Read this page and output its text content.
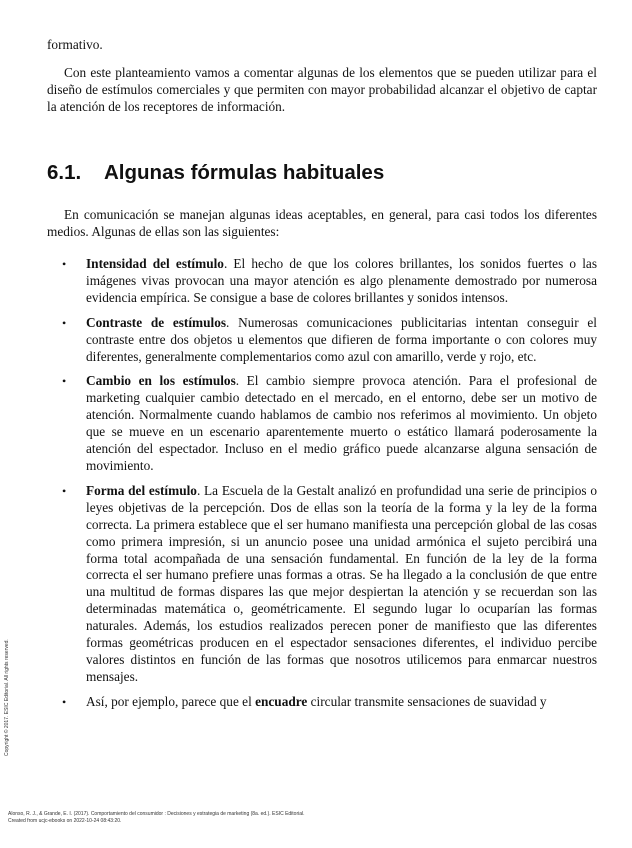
formativo.

Con este planteamiento vamos a comentar algunas de los elementos que se pueden utilizar para el diseño de estímulos comerciales y que permiten con mayor probabilidad alcanzar el objetivo de captar la atención de los receptores de información.

6.1. Algunas fórmulas habituales

En comunicación se manejan algunas ideas aceptables, en general, para casi todos los diferentes medios. Algunas de ellas son las siguientes:

• Intensidad del estímulo. El hecho de que los colores brillantes, los sonidos fuertes o las imágenes vivas provocan una mayor atención es algo plenamente demostrado por numerosa evidencia empírica. Se consigue a base de colores brillantes y sonidos intensos.
• Contraste de estímulos. Numerosas comunicaciones publicitarias intentan conseguir el contraste entre dos objetos u elementos que difieren de forma importante o con colores muy diferentes, generalmente complementarios como azul con amarillo, verde y rojo, etc.
• Cambio en los estímulos. El cambio siempre provoca atención. Para el profesional de marketing cualquier cambio detectado en el mercado, en el entorno, debe ser un motivo de atención. Normalmente cuando hablamos de cambio nos referimos al movimiento. Un objeto que se mueve en un escenario aparentemente muerto o estático llamará poderosamente la atención del espectador. Incluso en el medio gráfico puede alcanzarse alguna sensación de movimiento.
• Forma del estímulo. La Escuela de la Gestalt analizó en profundidad una serie de principios o leyes objetivas de la percepción. Dos de ellas son la teoría de la forma y la ley de la forma correcta. La primera establece que el ser humano manifiesta una percepción global de las cosas como primera impresión, si un anuncio posee una unidad armónica el sujeto percibirá una forma total acompañada de una sensación fundamental. En función de la ley de la forma correcta el ser humano prefiere unas formas a otras. Se ha llegado a la conclusión de que entre una multitud de formas dispares las que mejor despiertan la atención y se recuerdan son las determinadas matemática o, geométricamente. El segundo lugar lo ocuparían las formas naturales. Además, los estudios realizados perecen poner de manifiesto que las diferentes formas geométricas producen en el espectador sensaciones diferentes, el individuo percibe valores distintos en función de las formas que nosotros utilicemos para enmarcar nuestros mensajes.
• Así, por ejemplo, parece que el encuadre circular transmite sensaciones de suavidad y
Copyright © 2017. ESIC Editorial. All rights reserved.
Alonso, R. J., & Grande, E. I. (2017). Comportamiento del consumidor : Decisiones y estrategia de marketing (8a. ed.). ESIC Editorial.
Created from ucjc-ebooks on 2022-10-24 08:43:20.
